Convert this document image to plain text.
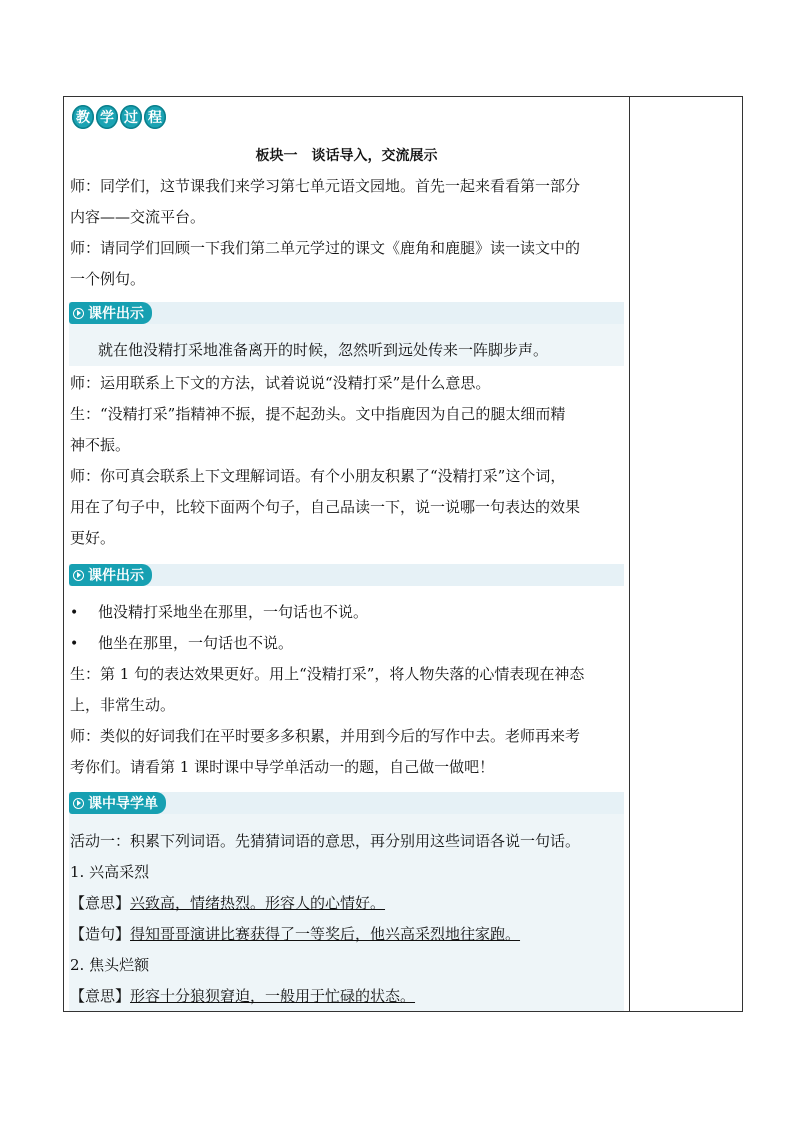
教 学 过 程
板块一　谈话导入，交流展示
师：同学们，这节课我们来学习第七单元语文园地。首先一起来看看第一部分
内容——交流平台。
师：请同学们回顾一下我们第二单元学过的课文《鹿角和鹿腿》读一读文中的
一个例句。
课件出示
就在他没精打采地准备离开的时候，忽然听到远处传来一阵脚步声。
师：运用联系上下文的方法，试着说说“没精打采”是什么意思。
生：“没精打采”指精神不振，提不起劲头。文中指鹿因为自己的腿太细而精
神不振。
师：你可真会联系上下文理解词语。有个小朋友积累了“没精打采”这个词，
用在了句子中，比较下面两个句子，自己品读一下，说一说哪一句表达的效果
更好。
课件出示
• 他没精打采地坐在那里，一句话也不说。
• 他坐在那里，一句话也不说。
生：第 1 句的表达效果更好。用上“没精打采”，将人物失落的心情表现在神态
上，非常生动。
师：类似的好词我们在平时要多多积累，并用到今后的写作中去。老师再来考
考你们。请看第 1 课时课中导学单活动一的题，自己做一做吧！
课中导学单
活动一：积累下列词语。先猜猜词语的意思，再分别用这些词语各说一句话。
1. 兴高采烈
【意思】兴致高，情绪热烈。形容人的心情好。
【造句】得知哥哥演讲比赛获得了一等奖后，他兴高采烈地往家跑。
2. 焦头烂额
【意思】形容十分狼狈窘迫，一般用于忙碌的状态。
